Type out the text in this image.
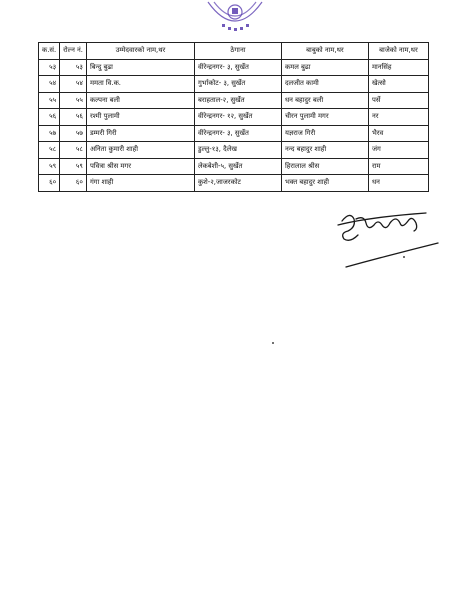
क.सं.	रोल्न नं.	उम्मेदवारको नाम,थर	ठेगाना	बाबुको नाम,थर	बाजेको नाम,थर
५३	५३	बिन्दु बुढा	वीरेन्द्रनगर- ३, सुर्खेत	कमल बुढा	मानसिंह
५४	५४	ममता वि.क.	गुर्भाकोट- ३, सुर्खेत	दलजीत कामी	खेत्सो
५५	५५	कल्पना बली	बराहताल-२, सुर्खेत	धन बहादुर बली	पर्से
५६	५६	रश्मी पुलामी	वीरेन्द्रनगर- १२, सुर्खेत	चीरन पुलामी मगर	नर
५७	५७	डम्मरी गिरी	वीरेन्द्रनगर- ३, सुर्खेत	यज्ञराज गिरी	भैरव
५८	५८	अनिता कुमारी शाही	डुल्लु-१३, दैलेख	नन्द बहादुर शाही	जंग
५९	५९	पवित्रा श्रीस मगर	लेकबेशी-५, सुर्खेत	हिरालाल श्रीस	राम
६०	६०	गंगा शाही	कुशे-२,जाजरकोट	भक्त बहादुर शाही	धन
